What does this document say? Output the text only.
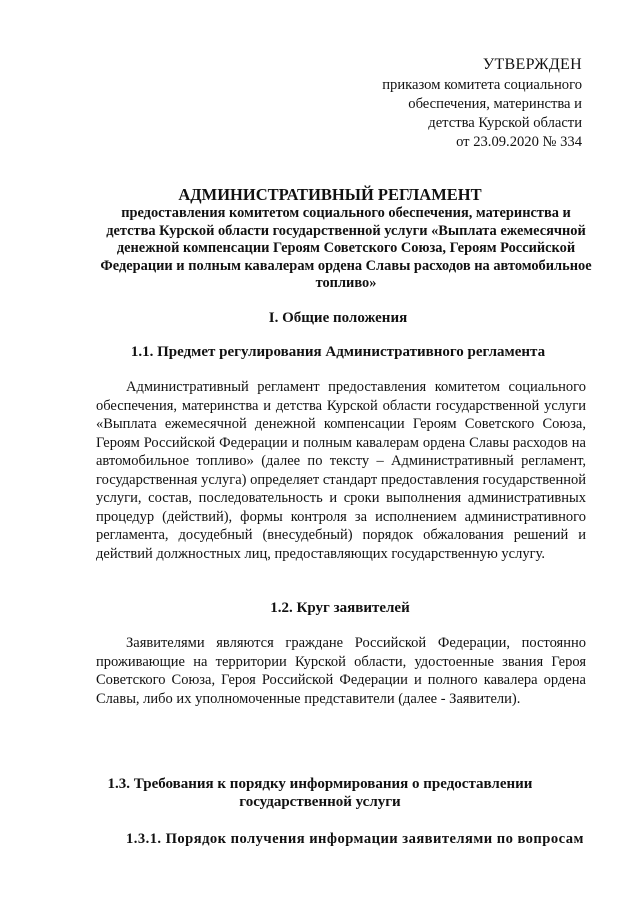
УТВЕРЖДЕН
приказом комитета социального
обеспечения, материнства и
детства Курской области
от 23.09.2020 № 334
АДМИНИСТРАТИВНЫЙ РЕГЛАМЕНТ
предоставления комитетом социального обеспечения, материнства и детства Курской области государственной услуги «Выплата ежемесячной денежной компенсации Героям Советского Союза, Героям Российской Федерации и полным кавалерам ордена Славы расходов на автомобильное топливо»
I. Общие положения
1.1. Предмет регулирования Административного регламента
Административный регламент предоставления комитетом социального обеспечения, материнства и детства Курской области государственной услуги «Выплата ежемесячной денежной компенсации Героям Советского Союза, Героям Российской Федерации и полным кавалерам ордена Славы расходов на автомобильное топливо» (далее по тексту – Административный регламент, государственная услуга) определяет стандарт предоставления государственной услуги, состав, последовательность и сроки выполнения административных процедур (действий), формы контроля за исполнением административного регламента, досудебный (внесудебный) порядок обжалования решений и действий должностных лиц, предоставляющих государственную услугу.
1.2. Круг заявителей
Заявителями являются граждане Российской Федерации, постоянно проживающие на территории Курской области, удостоенные звания Героя Советского Союза, Героя Российской Федерации и полного кавалера ордена Славы, либо их уполномоченные представители (далее - Заявители).
1.3. Требования к порядку информирования о предоставлении
государственной услуги
1.3.1. Порядок получения информации заявителями по вопросам
